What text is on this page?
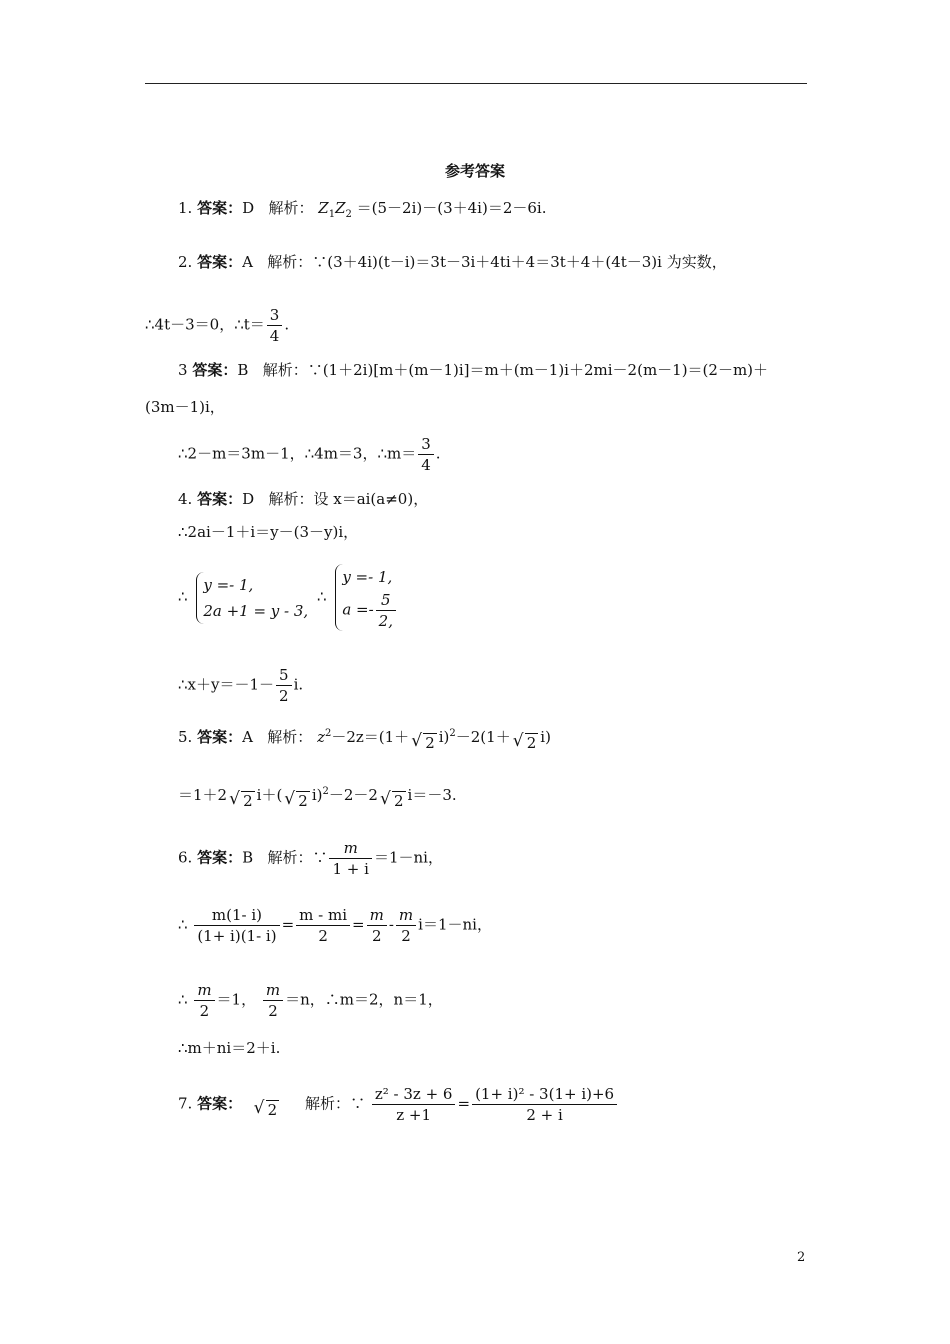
参考答案
1. 答案：D 解析： $Z_1Z_2 =(5-2i)-(3+4i)=2-6i$.
2. 答案：A 解析：∵(3＋4i)(t－i)＝3t－3i＋4ti＋4＝3t＋4＋(4t－3)i 为实数，
∴4t－3＝0，∴t＝ $\frac{3}{4}$ .
3 答案：B 解析：∵(1＋2i)[m＋(m－1)i]＝m＋(m－1)i＋2mi－2(m－1)＝(2－m)＋
(3m－1)i，
∴2－m＝3m－1，∴4m＝3，∴m＝ $\frac{3}{4}$ .
4. 答案：D 解析：设 x＝ai(a≠0)，
∴2ai－1＋i＝y－(3－y)i，
∴
y =- 1,
2a +1 = y - 3,
∴
y =- 1,
$a =- \frac{5}{2,}$
∴x＋y＝－1－ $\frac{5}{2} i$.
5. 答案：A 解析： $z^2-2z=(1+√$ 2 i)$^2$－2(1＋√ 2 i)
＝1＋2√ 2 i＋(√ 2 i)$^2$－2－2√ 2 i＝－3.
6. 答案：B 解析：∵ $\frac{m}{1 + i} =1-ni$，
∴ $\frac{m(1- i)}{(1+ i)(1- i)} = \frac{m - mi}{2} = \frac{m}{2} - \frac{m}{2} i=1-ni$，
∴ $\frac{m}{2} =1$， $\frac{m}{2} =n$，∴m＝2，n＝1，
∴m＋ni＝2＋i.
7. 答案：  √ 2 解析：∵ $\frac{\text{z² - 3z + 6}}{z +1} = \frac{\text{(1+ i)² - 3(1+ i)+6}}{2 + i}$
2
